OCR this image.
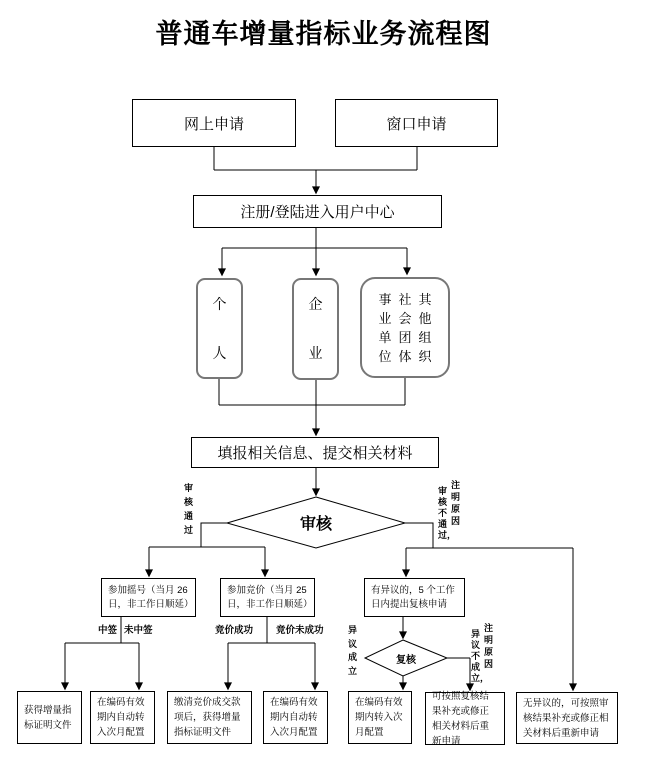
普通车增量指标业务流程图
网上申请	窗口申请
注册/登陆进入用户中心
个人
企业
事业单位
社会团体
其他组织
填报相关信息、提交相关材料
审核
审核通过
审核不通过，
注明原因
参加摇号（当月 26 日，非工作日顺延）
参加竞价（当月 25 日，非工作日顺延）
有异议的，5 个工作日内提出复核申请
中签 未中签	竞价成功 竞价未成功
复核
异议成立
异议不成立，
注明原因
获得增量指标证明文件
在编码有效期内自动转入次月配置
缴清竞价成交款项后，获得增量指标证明文件
在编码有效期内自动转入次月配置
在编码有效期内转入次月配置
可按照复核结果补充或修正相关材料后重新申请
无异议的，可按照审核结果补充或修正相关材料后重新申请
